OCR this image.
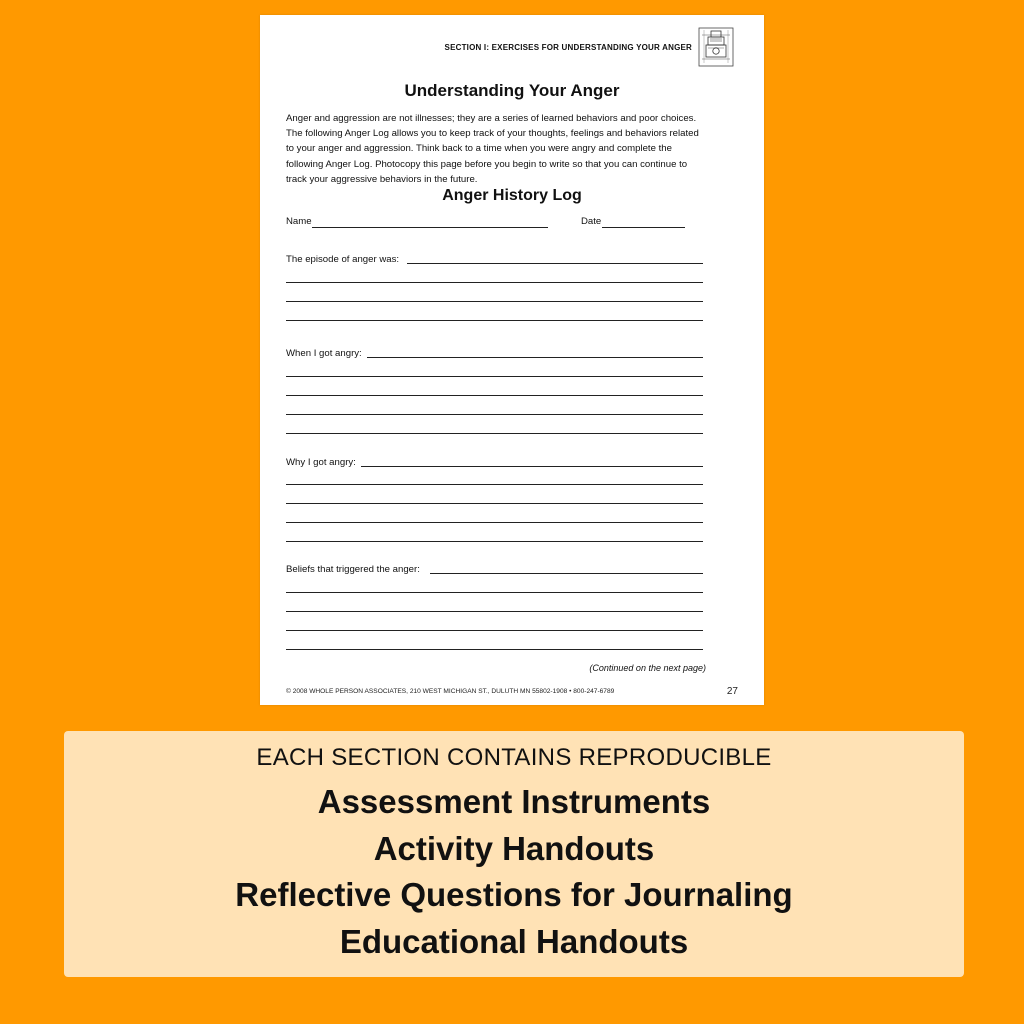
SECTION I: EXERCISES FOR UNDERSTANDING YOUR ANGER
Understanding Your Anger

Anger and aggression are not illnesses; they are a series of learned behaviors and poor choices. The following Anger Log allows you to keep track of your thoughts, feelings and behaviors related to your anger and aggression. Think back to a time when you were angry and complete the following Anger Log. Photocopy this page before you begin to write so that you can continue to track your aggressive behaviors in the future.

Anger History Log
Name	Date
The episode of anger was:
When I got angry:
Why I got angry:
Beliefs that triggered the anger:
(Continued on the next page)
© 2008 WHOLE PERSON ASSOCIATES, 210 WEST MICHIGAN ST., DULUTH MN 55802-1908 • 800-247-6789	27
EACH SECTION CONTAINS REPRODUCIBLE
Assessment Instruments
Activity Handouts
Reflective Questions for Journaling
Educational Handouts
